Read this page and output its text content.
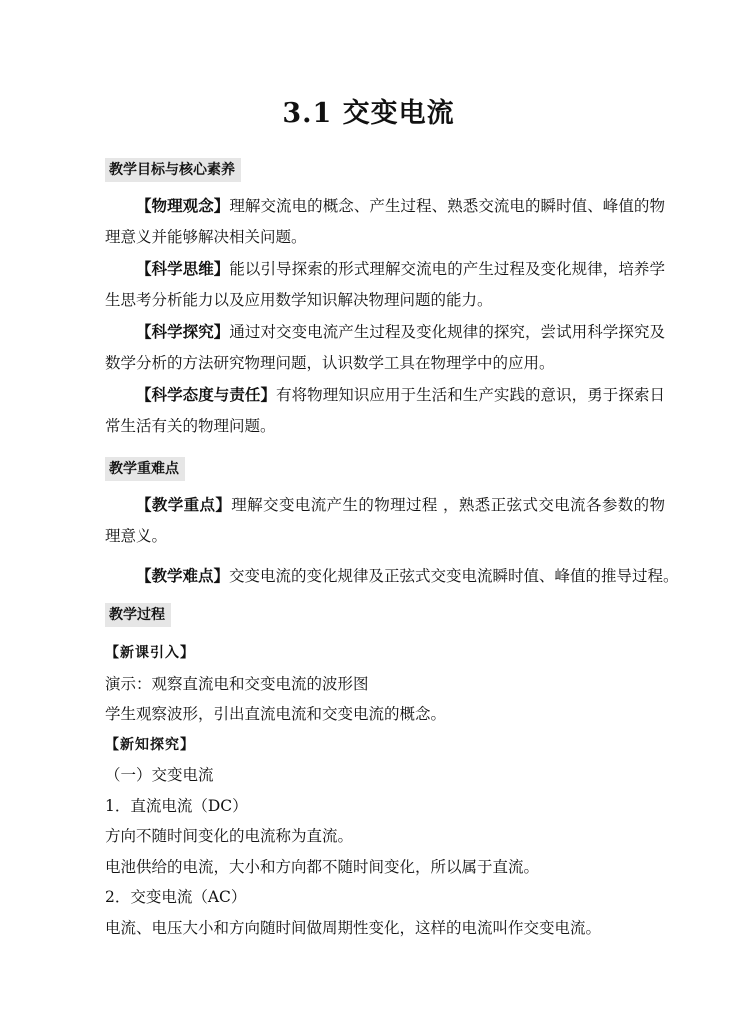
3.1 交变电流
教学目标与核心素养
【物理观念】理解交流电的概念、产生过程、熟悉交流电的瞬时值、峰值的物理意义并能够解决相关问题。
【科学思维】能以引导探索的形式理解交流电的产生过程及变化规律，培养学生思考分析能力以及应用数学知识解决物理问题的能力。
【科学探究】通过对交变电流产生过程及变化规律的探究，尝试用科学探究及数学分析的方法研究物理问题，认识数学工具在物理学中的应用。
【科学态度与责任】有将物理知识应用于生活和生产实践的意识，勇于探索日常生活有关的物理问题。
教学重难点
【教学重点】理解交变电流产生的物理过程 ，熟悉正弦式交电流各参数的物理意义。
【教学难点】交变电流的变化规律及正弦式交变电流瞬时值、峰值的推导过程。
教学过程
【新课引入】
演示：观察直流电和交变电流的波形图
学生观察波形，引出直流电流和交变电流的概念。
【新知探究】
（一）交变电流
1．直流电流（DC）
方向不随时间变化的电流称为直流。
电池供给的电流，大小和方向都不随时间变化，所以属于直流。
2．交变电流（AC）
电流、电压大小和方向随时间做周期性变化，这样的电流叫作交变电流。
